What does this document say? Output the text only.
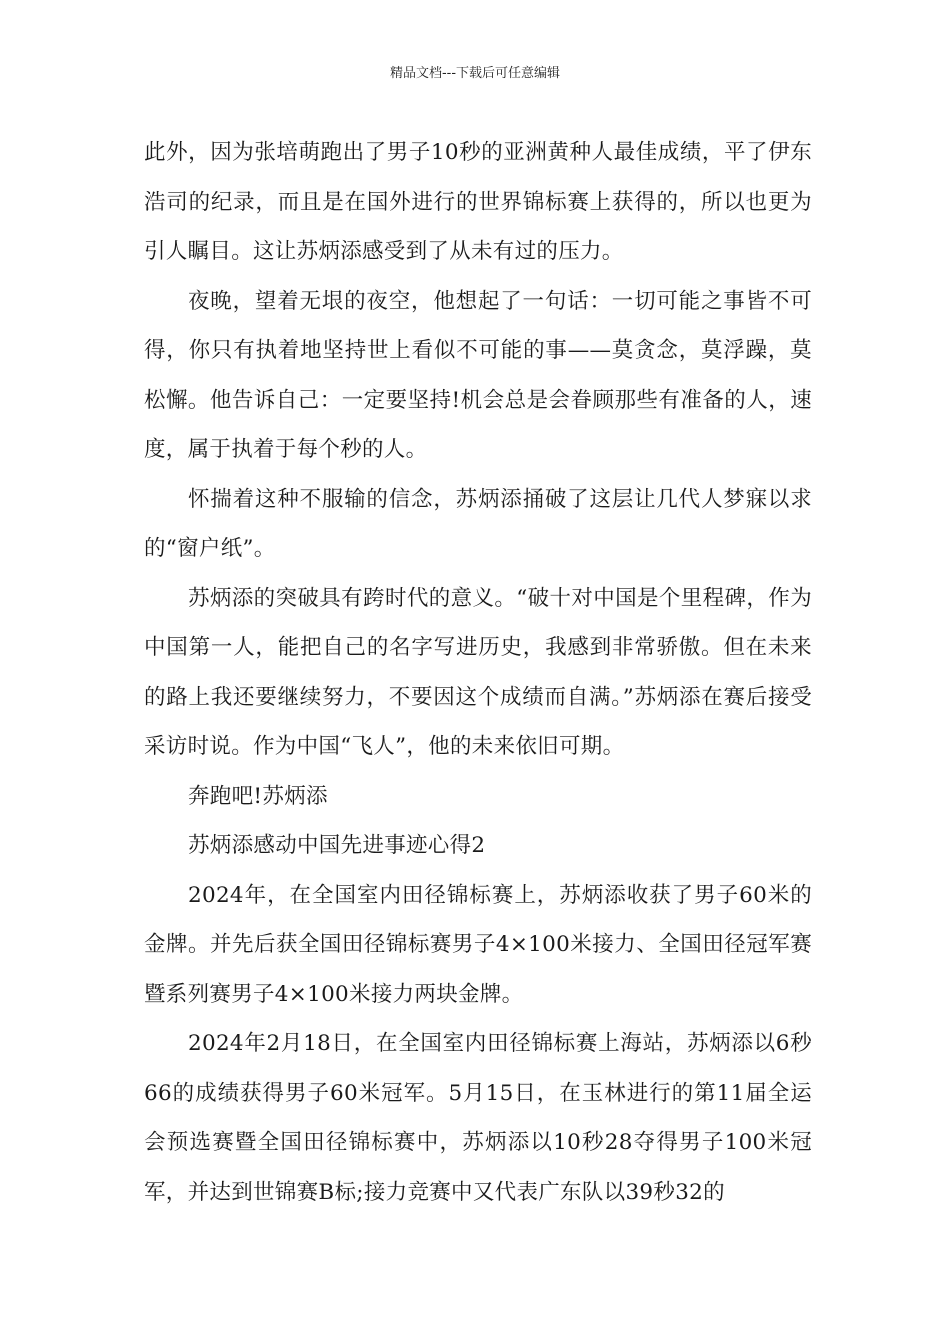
精品文档---下载后可任意编辑

此外，因为张培萌跑出了男子10秒的亚洲黄种人最佳成绩，平了伊东浩司的纪录，而且是在国外进行的世界锦标赛上获得的，所以也更为引人瞩目。这让苏炳添感受到了从未有过的压力。

夜晚，望着无垠的夜空，他想起了一句话：一切可能之事皆不可得，你只有执着地坚持世上看似不可能的事——莫贪念，莫浮躁，莫松懈。他告诉自己：一定要坚持!机会总是会眷顾那些有准备的人，速度，属于执着于每个秒的人。

怀揣着这种不服输的信念，苏炳添捅破了这层让几代人梦寐以求的“窗户纸”。

苏炳添的突破具有跨时代的意义。“破十对中国是个里程碑，作为中国第一人，能把自己的名字写进历史，我感到非常骄傲。但在未来的路上我还要继续努力，不要因这个成绩而自满。”苏炳添在赛后接受采访时说。作为中国“飞人”，他的未来依旧可期。

奔跑吧!苏炳添

苏炳添感动中国先进事迹心得2

2024年，在全国室内田径锦标赛上，苏炳添收获了男子60米的金牌。并先后获全国田径锦标赛男子4×100米接力、全国田径冠军赛暨系列赛男子4×100米接力两块金牌。

2024年2月18日，在全国室内田径锦标赛上海站，苏炳添以6秒66的成绩获得男子60米冠军。5月15日，在玉林进行的第11届全运会预选赛暨全国田径锦标赛中，苏炳添以10秒28夺得男子100米冠军，并达到世锦赛B标;接力竞赛中又代表广东队以39秒32的
